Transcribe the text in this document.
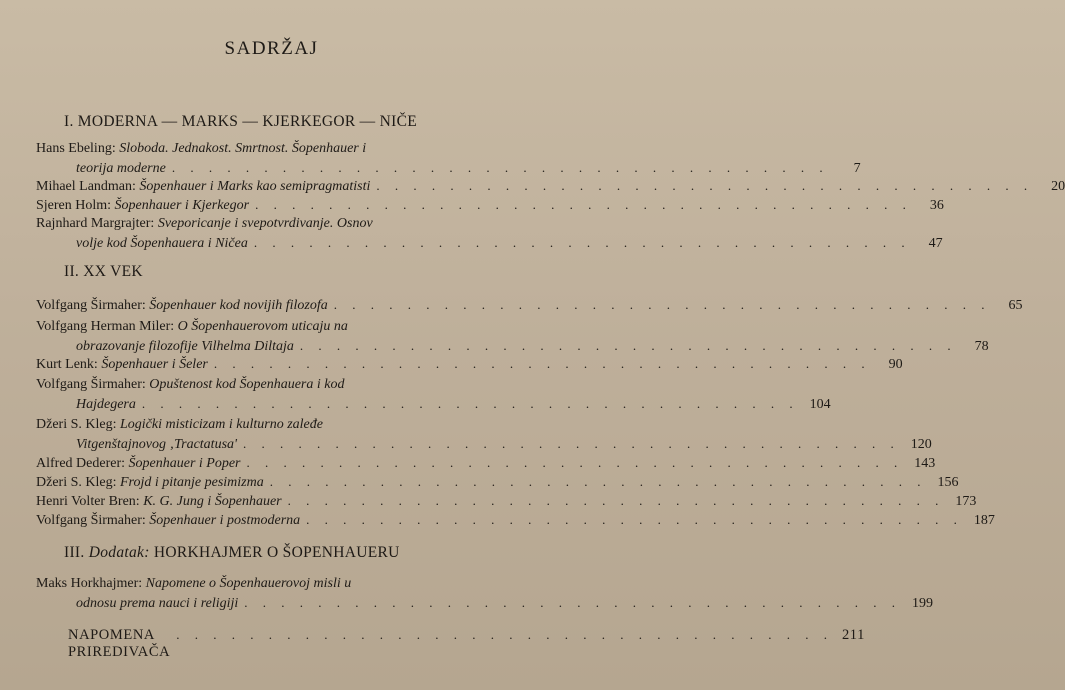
SADRŽAJ
I. MODERNA — MARKS — KJERKEGOR — NIČE
Hans Ebeling:
Sloboda. Jednakost. Smrtnost. Šopenhauer i
teorija moderne . . . . . . . . . . . . . . . . . . . . . . . . . . . . . . . . . . . .	7
Mihael Landman:
Šopenhauer i Marks kao semipragmatisti . . . . . . . . . . . . . . . . . . . . . . . . . . . . . . . . . . . .	20
Sjeren Holm:
Šopenhauer i Kjerkegor . . . . . . . . . . . . . . . . . . . . . . . . . . . . . . . . . . . .	36
Rajnhard Margrajter:
Sveporicanje i svepotvrdivanje. Osnov
volje kod Šopenhauera i Ničea . . . . . . . . . . . . . . . . . . . . . . . . . . . . . . . . . . . .	47
II. XX VEK
Volfgang Širmaher:
Šopenhauer kod novijih filozofa . . . . . . . . . . . . . . . . . . . . . . . . . . . . . . . . . . . .	65
Volfgang Herman Miler:
O Šopenhauerovom uticaju na
obrazovanje filozofije Vilhelma Diltaja . . . . . . . . . . . . . . . . . . . . . . . . . . . . . . . . . . . .	78
Kurt Lenk:
Šopenhauer i Šeler . . . . . . . . . . . . . . . . . . . . . . . . . . . . . . . . . . . .	90
Volfgang Širmaher:
Opuštenost kod Šopenhauera i kod
Hajdegera . . . . . . . . . . . . . . . . . . . . . . . . . . . . . . . . . . . . 104
Džeri S. Kleg:
Logički misticizam i kulturno zaleđe
Vitgenštajnovog ‚Tractatusa' . . . . . . . . . . . . . . . . . . . . . . . . . . . . . . . . . . . . 120
Alfred Dederer:
Šopenhauer i Poper . . . . . . . . . . . . . . . . . . . . . . . . . . . . . . . . . . . . 143
Džeri S. Kleg:
Frojd i pitanje pesimizma . . . . . . . . . . . . . . . . . . . . . . . . . . . . . . . . . . . . 156
Henri Volter Bren:
K. G. Jung i Šopenhauer . . . . . . . . . . . . . . . . . . . . . . . . . . . . . . . . . . . . 173
Volfgang Širmaher:
Šopenhauer i postmoderna . . . . . . . . . . . . . . . . . . . . . . . . . . . . . . . . . . . . 187
III. Dodatak: HORKHAJMER O ŠOPENHAUERU
Maks Horkhajmer:
Napomene o Šopenhauerovoj misli u
odnosu prema nauci i religiji . . . . . . . . . . . . . . . . . . . . . . . . . . . . . . . . . . . . 199
NAPOMENA PRIREDIVAČA
. . . . . . . . . . . . . . . . . . . . . . . . . . . . . . . . . . . . 211
